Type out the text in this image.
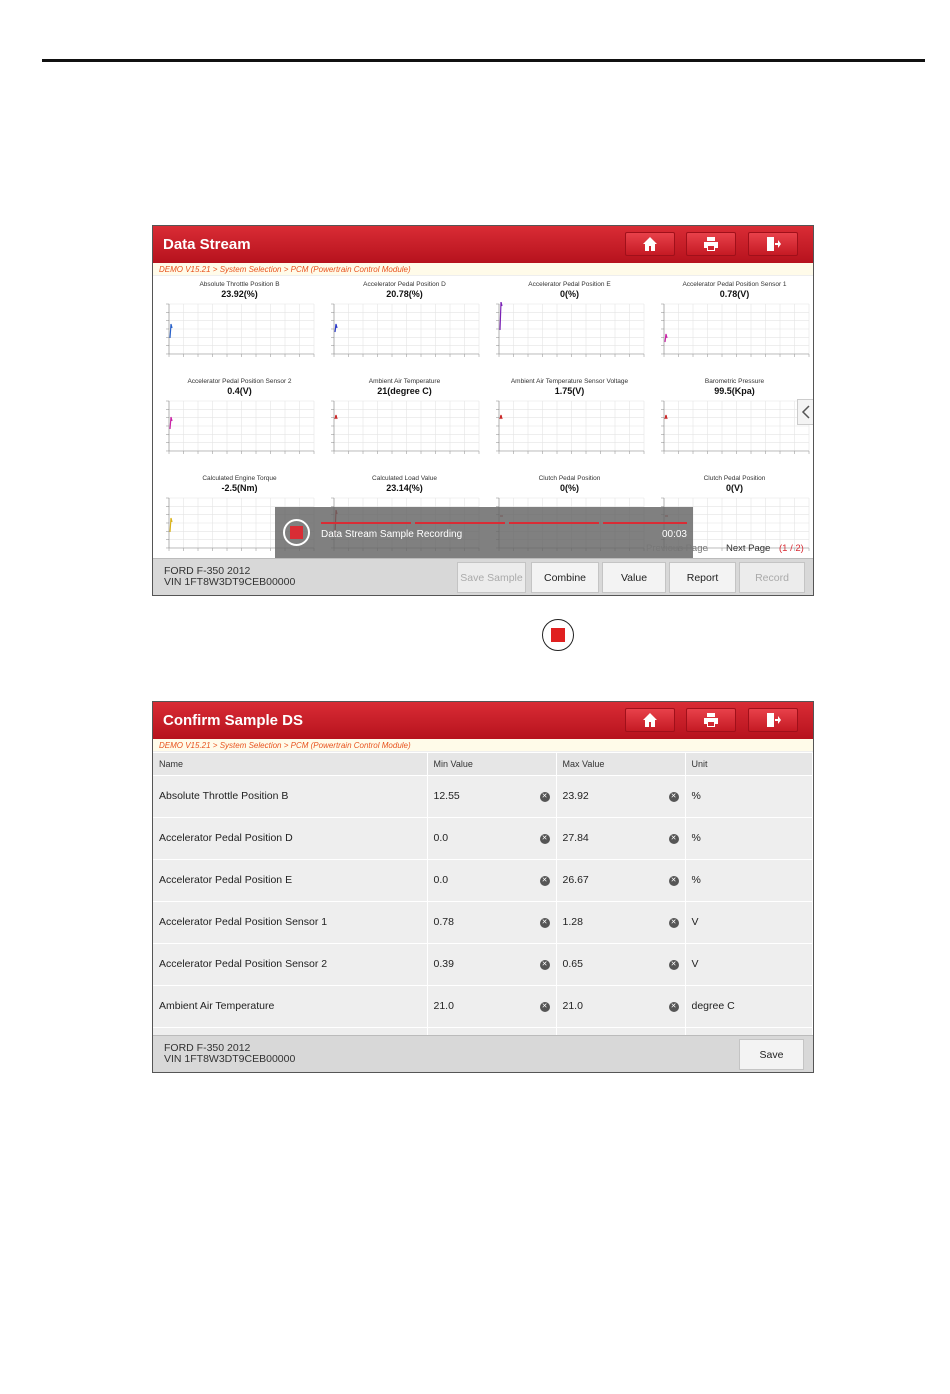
Data Stream
DEMO V15.21 > System Selection > PCM (Powertrain Control Module)
Absolute Throttle Position B
23.92(%)
Accelerator Pedal Position D
20.78(%)
Accelerator Pedal Position E
0(%)
Accelerator Pedal Position Sensor 1
0.78(V)
Accelerator Pedal Position Sensor 2
0.4(V)
Ambient Air Temperature
21(degree C)
Ambient Air Temperature Sensor Voltage
1.75(V)
Barometric Pressure
99.5(Kpa)
Calculated Engine Torque
-2.5(Nm)
Calculated Load Value
23.14(%)
Clutch Pedal Position
0(%)
Clutch Pedal Position
0(V)
Data Stream Sample Recording	00:03
Previous Page Next Page (1 / 2)
FORD F-350 2012
VIN 1FT8W3DT9CEB00000	Save Sample	Combine	Value	Report	Record
Confirm Sample DS
DEMO V15.21 > System Selection > PCM (Powertrain Control Module)
Name	Min Value	Max Value	Unit
Absolute Throttle Position B	12.55 ✕	23.92 ✕	%
Accelerator Pedal Position D	0.0 ✕	27.84 ✕	%
Accelerator Pedal Position E	0.0 ✕	26.67 ✕	%
Accelerator Pedal Position Sensor 1	0.78 ✕	1.28 ✕	V
Accelerator Pedal Position Sensor 2	0.39 ✕	0.65 ✕	V
Ambient Air Temperature	21.0 ✕	21.0 ✕	degree C

FORD F-350 2012
VIN 1FT8W3DT9CEB00000	Save
